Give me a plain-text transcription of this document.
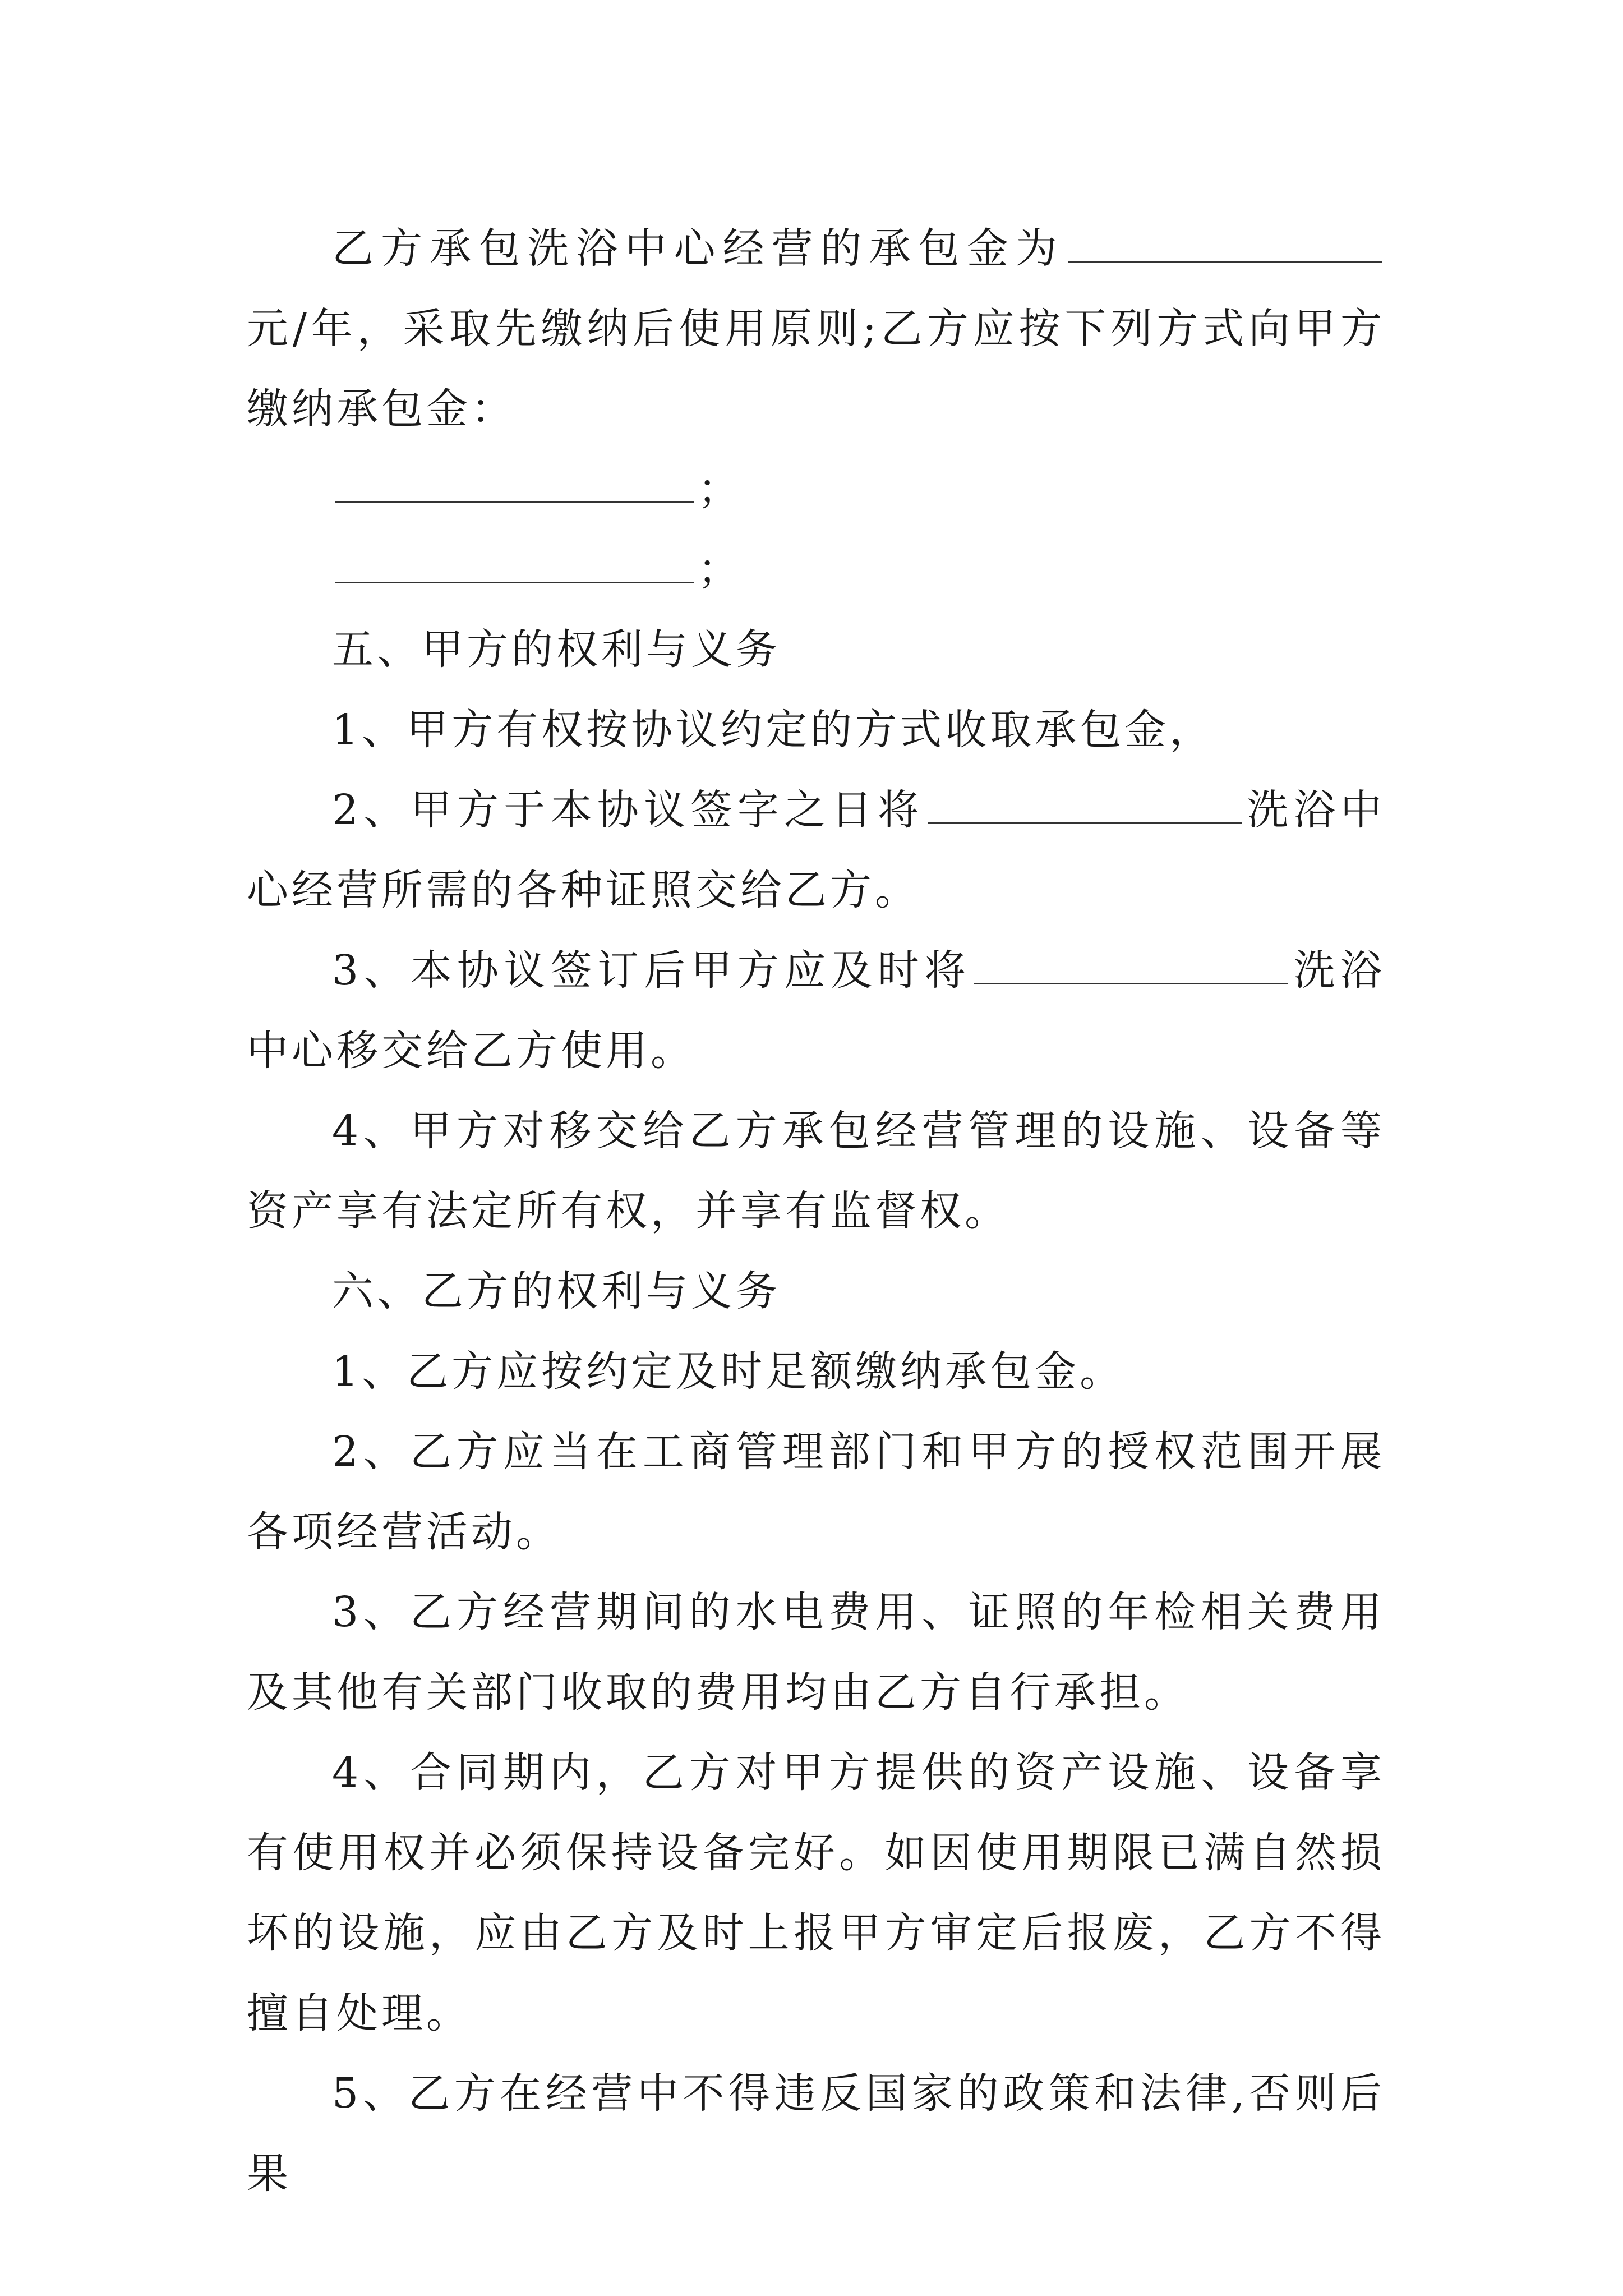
乙方承包洗浴中心经营的承包金为元/年，采取先缴纳后使用原则;乙方应按下列方式向甲方缴纳承包金：

；

；

五、甲方的权利与义务

1、甲方有权按协议约定的方式收取承包金，

2、甲方于本协议签字之日将	洗浴中心经营所需的各种证照交给乙方。

3、本协议签订后甲方应及时将	洗浴中心移交给乙方使用。

4、甲方对移交给乙方承包经营管理的设施、设备等资产享有法定所有权，并享有监督权。

六、乙方的权利与义务

1、乙方应按约定及时足额缴纳承包金。

2、乙方应当在工商管理部门和甲方的授权范围开展各项经营活动。

3、乙方经营期间的水电费用、证照的年检相关费用及其他有关部门收取的费用均由乙方自行承担。

4、合同期内，乙方对甲方提供的资产设施、设备享有使用权并必须保持设备完好。如因使用期限已满自然损坏的设施，应由乙方及时上报甲方审定后报废，乙方不得擅自处理。

5、乙方在经营中不得违反国家的政策和法律,否则后果
